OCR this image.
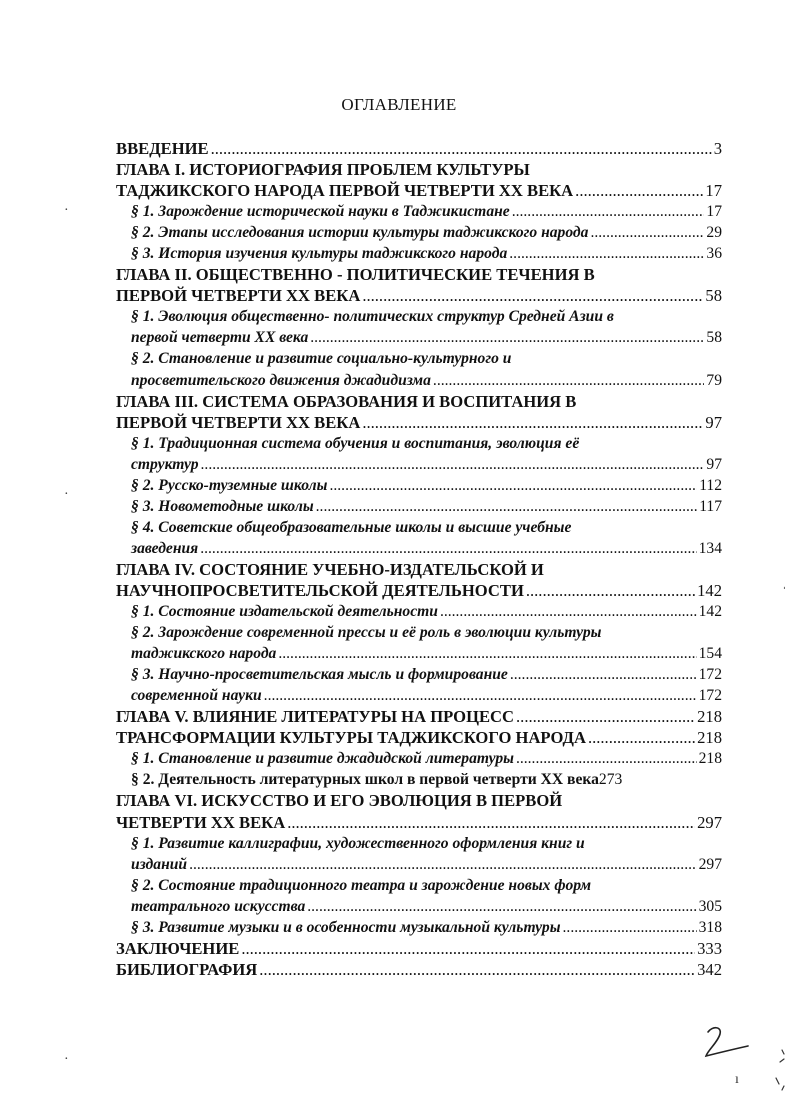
ОГЛАВЛЕНИЕ
ВВЕДЕНИЕ .....	3
ГЛАВА I. ИСТОРИОГРАФИЯ ПРОБЛЕМ КУЛЬТУРЫ
ТАДЖИКСКОГО НАРОДА ПЕРВОЙ ЧЕТВЕРТИ XX ВЕКА .....	17
§ 1. Зарождение исторической науки в Таджикистане .....	17
§ 2. Этапы исследования истории культуры таджикского народа .....	29
§ 3. История изучения культуры таджикского народа .....	36
ГЛАВА II. ОБЩЕСТВЕННО - ПОЛИТИЧЕСКИЕ ТЕЧЕНИЯ В
ПЕРВОЙ ЧЕТВЕРТИ XX ВЕКА .....	58
§ 1. Эволюция общественно- политических структур Средней Азии в
первой четверти XX века .....	58
§ 2. Становление и развитие социально-культурного и
просветительского движения джадидизма .....	79
ГЛАВА III. СИСТЕМА ОБРАЗОВАНИЯ И ВОСПИТАНИЯ В
ПЕРВОЙ ЧЕТВЕРТИ XX ВЕКА .....	97
§ 1. Традиционная система обучения и воспитания, эволюция её
структур .....	97
§ 2. Русско-туземные школы .....	112
§ 3. Новометодные школы .....	117
§ 4. Советские общеобразовательные школы и высшие учебные
заведения .....	134
ГЛАВА IV. СОСТОЯНИЕ УЧЕБНО-ИЗДАТЕЛЬСКОЙ И
НАУЧНОПРОСВЕТИТЕЛЬСКОЙ ДЕЯТЕЛЬНОСТИ .....	142
§ 1. Состояние издательской деятельности .....	142
§ 2. Зарождение современной прессы и её роль в эволюции культуры
таджикского народа .....	154
§ 3. Научно-просветительская мысль и формирование .....	172
современной науки .....	172
ГЛАВА V. ВЛИЯНИЕ ЛИТЕРАТУРЫ НА ПРОЦЕСС .....	218
ТРАНСФОРМАЦИИ КУЛЬТУРЫ ТАДЖИКСКОГО НАРОДА .....	218
§ 1. Становление и развитие джадидской литературы .....	218
§ 2. Деятельность литературных школ в первой четверти XX века 273
ГЛАВА VI. ИСКУССТВО И ЕГО ЭВОЛЮЦИЯ В ПЕРВОЙ
ЧЕТВЕРТИ XX ВЕКА .....	297
§ 1. Развитие каллиграфии, художественного оформления книг и
изданий .....	297
§ 2. Состояние традиционного театра и зарождение новых форм
театрального искусства .....	305
§ 3. Развитие музыки и в особенности музыкальной культуры .....	318
ЗАКЛЮЧЕНИЕ .....	333
БИБЛИОГРАФИЯ .....	342
·
·
ˌ
·
ı
